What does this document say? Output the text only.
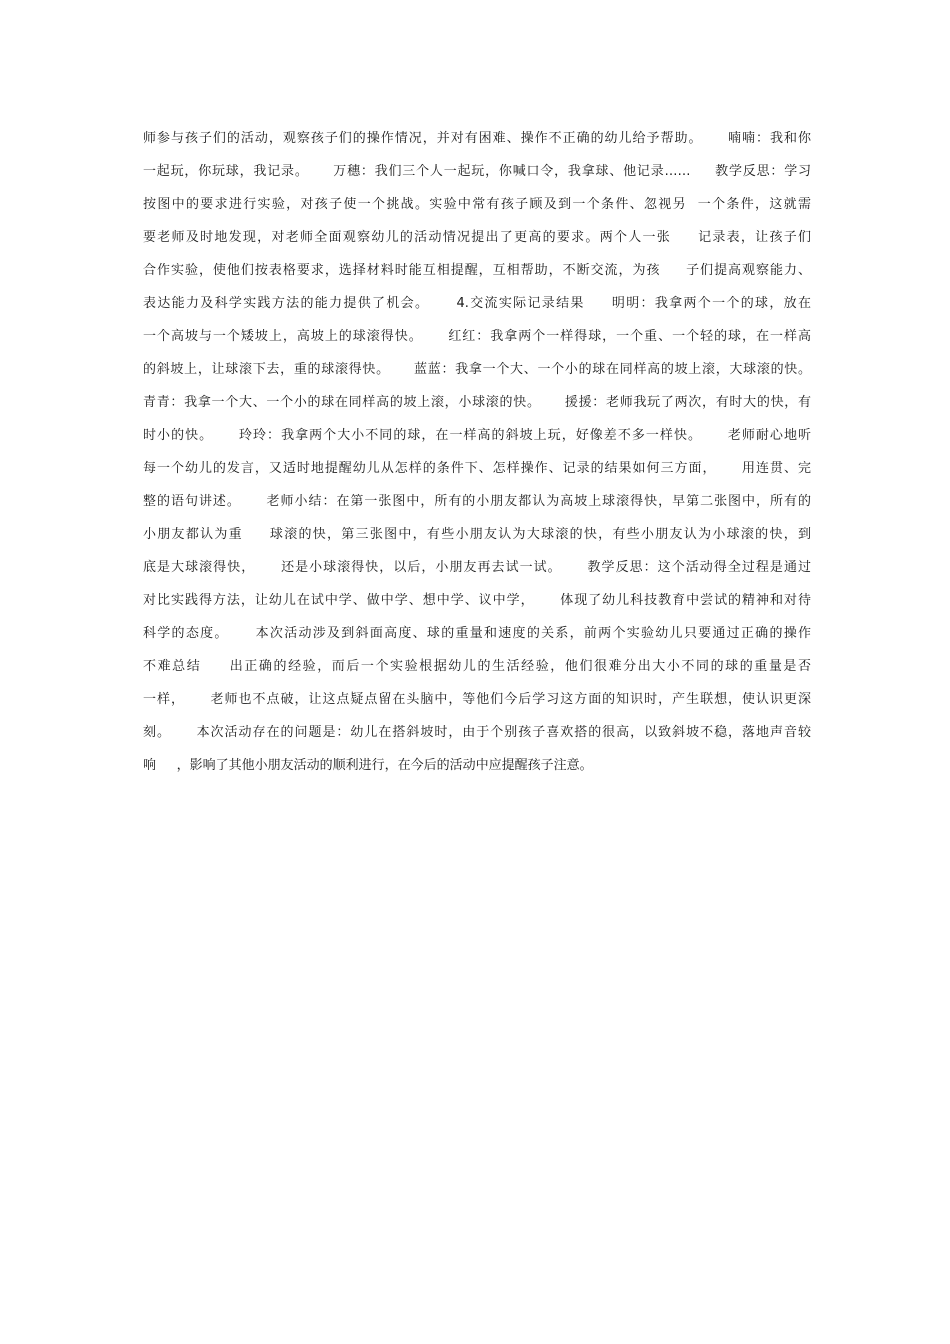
师参与孩子们的活动，观察孩子们的操作情况，并对有困难、操作不正确的幼儿给予帮助。     喃喃：我和你
一起玩，你玩球，我记录。     万穗：我们三个人一起玩，你喊口令，我拿球、他记录……     教学反思：学习
按图中的要求进行实验，对孩子使一个挑战。实验中常有孩子顾及到一个条件、忽视另  一个条件，这就需
要老师及时地发现，对老师全面观察幼儿的活动情况提出了更高的要求。两个人一张     记录表，让孩子们
合作实验，使他们按表格要求，选择材料时能互相提醒，互相帮助，不断交流，为孩     子们提高观察能力、
表达能力及科学实践方法的能力提供了机会。     4.交流实际记录结果     明明：我拿两个一个的球，放在
一个高坡与一个矮坡上，高坡上的球滚得快。     红红：我拿两个一样得球，一个重、一个轻的球，在一样高
的斜坡上，让球滚下去，重的球滚得快。     蓝蓝：我拿一个大、一个小的球在同样高的坡上滚，大球滚的快。
青青：我拿一个大、一个小的球在同样高的坡上滚，小球滚的快。     援援：老师我玩了两次，有时大的快，有
时小的快。     玲玲：我拿两个大小不同的球，在一样高的斜坡上玩，好像差不多一样快。     老师耐心地听
每一个幼儿的发言，又适时地提醒幼儿从怎样的条件下、怎样操作、记录的结果如何三方面，     用连贯、完
整的语句讲述。     老师小结：在第一张图中，所有的小朋友都认为高坡上球滚得快，早第二张图中，所有的
小朋友都认为重     球滚的快，第三张图中，有些小朋友认为大球滚的快，有些小朋友认为小球滚的快，到
底是大球滚得快，     还是小球滚得快，以后，小朋友再去试一试。     教学反思：这个活动得全过程是通过
对比实践得方法，让幼儿在试中学、做中学、想中学、议中学，     体现了幼儿科技教育中尝试的精神和对待
科学的态度。     本次活动涉及到斜面高度、球的重量和速度的关系，前两个实验幼儿只要通过正确的操作
不难总结     出正确的经验，而后一个实验根据幼儿的生活经验，他们很难分出大小不同的球的重量是否
一样，     老师也不点破，让这点疑点留在头脑中，等他们今后学习这方面的知识时，产生联想，使认识更深
刻。     本次活动存在的问题是：幼儿在搭斜坡时，由于个别孩子喜欢搭的很高，以致斜坡不稳，落地声音较
响     ，影响了其他小朋友活动的顺利进行，在今后的活动中应提醒孩子注意。
